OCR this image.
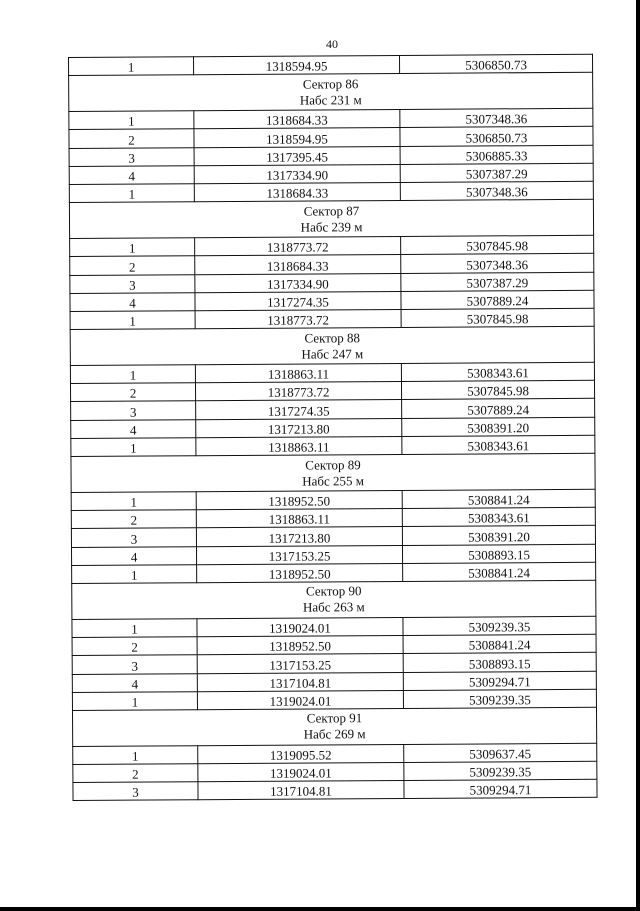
40
1	1318594.95	5306850.73

Сектор 86
Набс 231 м		

1	1318684.33	5307348.36
2	1318594.95	5306850.73
3	1317395.45	5306885.33
4	1317334.90	5307387.29
1	1318684.33	5307348.36

Сектор 87
Набс 239 м		

1	1318773.72	5307845.98
2	1318684.33	5307348.36
3	1317334.90	5307387.29
4	1317274.35	5307889.24
1	1318773.72	5307845.98

Сектор 88
Набс 247 м		

1	1318863.11	5308343.61
2	1318773.72	5307845.98
3	1317274.35	5307889.24
4	1317213.80	5308391.20
1	1318863.11	5308343.61

Сектор 89
Набс 255 м		

1	1318952.50	5308841.24
2	1318863.11	5308343.61
3	1317213.80	5308391.20
4	1317153.25	5308893.15
1	1318952.50	5308841.24

Сектор 90
Набс 263 м		

1	1319024.01	5309239.35
2	1318952.50	5308841.24
3	1317153.25	5308893.15
4	1317104.81	5309294.71
1	1319024.01	5309239.35

Сектор 91
Набс 269 м		

1	1319095.52	5309637.45
2	1319024.01	5309239.35
3	1317104.81	5309294.71
